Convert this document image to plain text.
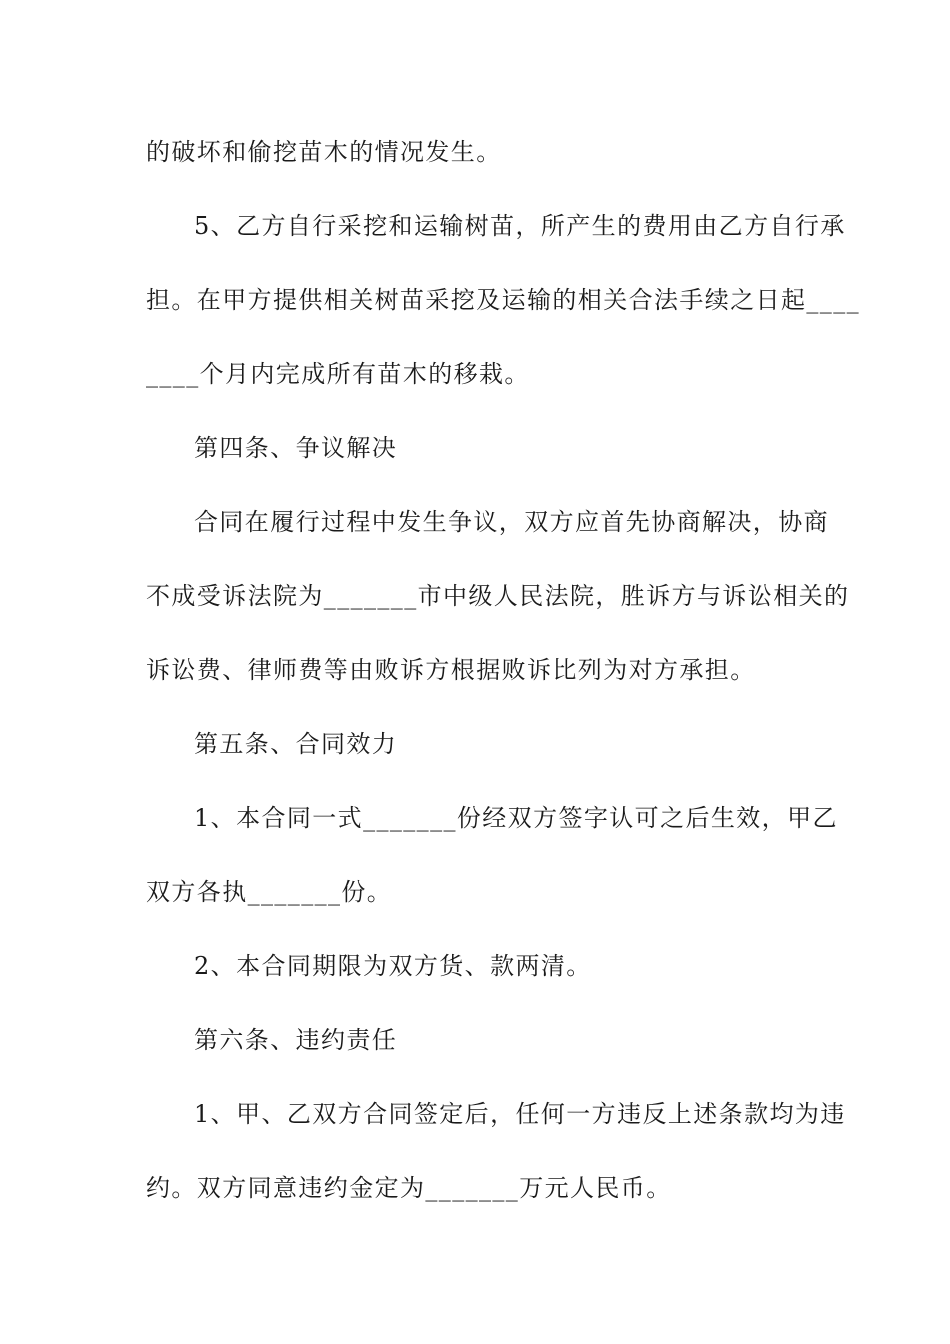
的破坏和偷挖苗木的情况发生。
5、乙方自行采挖和运输树苗，所产生的费用由乙方自行承
担。在甲方提供相关树苗采挖及运输的相关合法手续之日起____
____个月内完成所有苗木的移栽。
第四条、争议解决
合同在履行过程中发生争议，双方应首先协商解决，协商
不成受诉法院为_______市中级人民法院，胜诉方与诉讼相关的
诉讼费、律师费等由败诉方根据败诉比列为对方承担。
第五条、合同效力
1、本合同一式_______份经双方签字认可之后生效，甲乙
双方各执_______份。
2、本合同期限为双方货、款两清。
第六条、违约责任
1、甲、乙双方合同签定后，任何一方违反上述条款均为违
约。双方同意违约金定为_______万元人民币。
